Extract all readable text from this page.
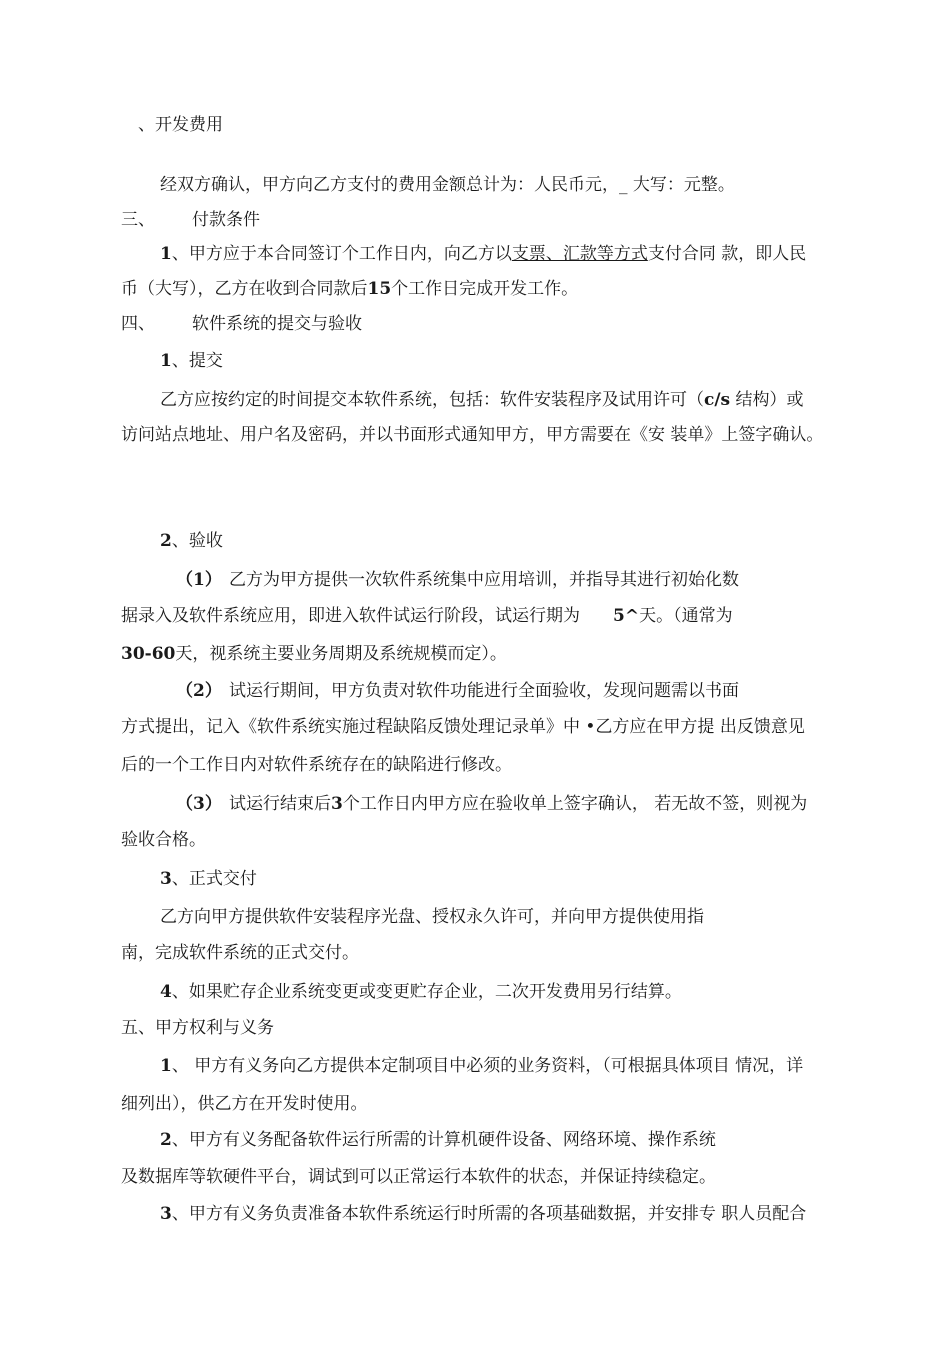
、开发费用

经双方确认，甲方向乙方支付的费用金额总计为：人民币元，_ 大写：元整。

三、 付款条件

1、甲方应于本合同签订个工作日内，向乙方以支票、汇款等方式支付合同 款，即人民

币（大写），乙方在收到合同款后15个工作日完成开发工作。

四、 软件系统的提交与验收

1、提交

乙方应按约定的时间提交本软件系统，包括：软件安装程序及试用许可（c/s 结构）或

访问站点地址、用户名及密码，并以书面形式通知甲方，甲方需要在《安 装单》上签字确认。

2、验收

（1） 乙方为甲方提供一次软件系统集中应用培训，并指导其进行初始化数

据录入及软件系统应用，即进入软件试运行阶段，试运行期为 5^天。（通常为

30-60天，视系统主要业务周期及系统规模而定）。

（2） 试运行期间，甲方负责对软件功能进行全面验收，发现问题需以书面

方式提出，记入《软件系统实施过程缺陷反馈处理记录单》中 •乙方应在甲方提 出反馈意见

后的一个工作日内对软件系统存在的缺陷进行修改。

（3） 试运行结束后3个工作日内甲方应在验收单上签字确认， 若无故不签，则视为

验收合格。

3、正式交付

乙方向甲方提供软件安装程序光盘、授权永久许可，并向甲方提供使用指

南，完成软件系统的正式交付。

4、如果贮存企业系统变更或变更贮存企业，二次开发费用另行结算。

五、甲方权利与义务

1、 甲方有义务向乙方提供本定制项目中必须的业务资料，（可根据具体项目 情况，详

细列出），供乙方在开发时使用。

2、甲方有义务配备软件运行所需的计算机硬件设备、网络环境、操作系统

及数据库等软硬件平台，调试到可以正常运行本软件的状态，并保证持续稳定。

3、甲方有义务负责准备本软件系统运行时所需的各项基础数据，并安排专 职人员配合
